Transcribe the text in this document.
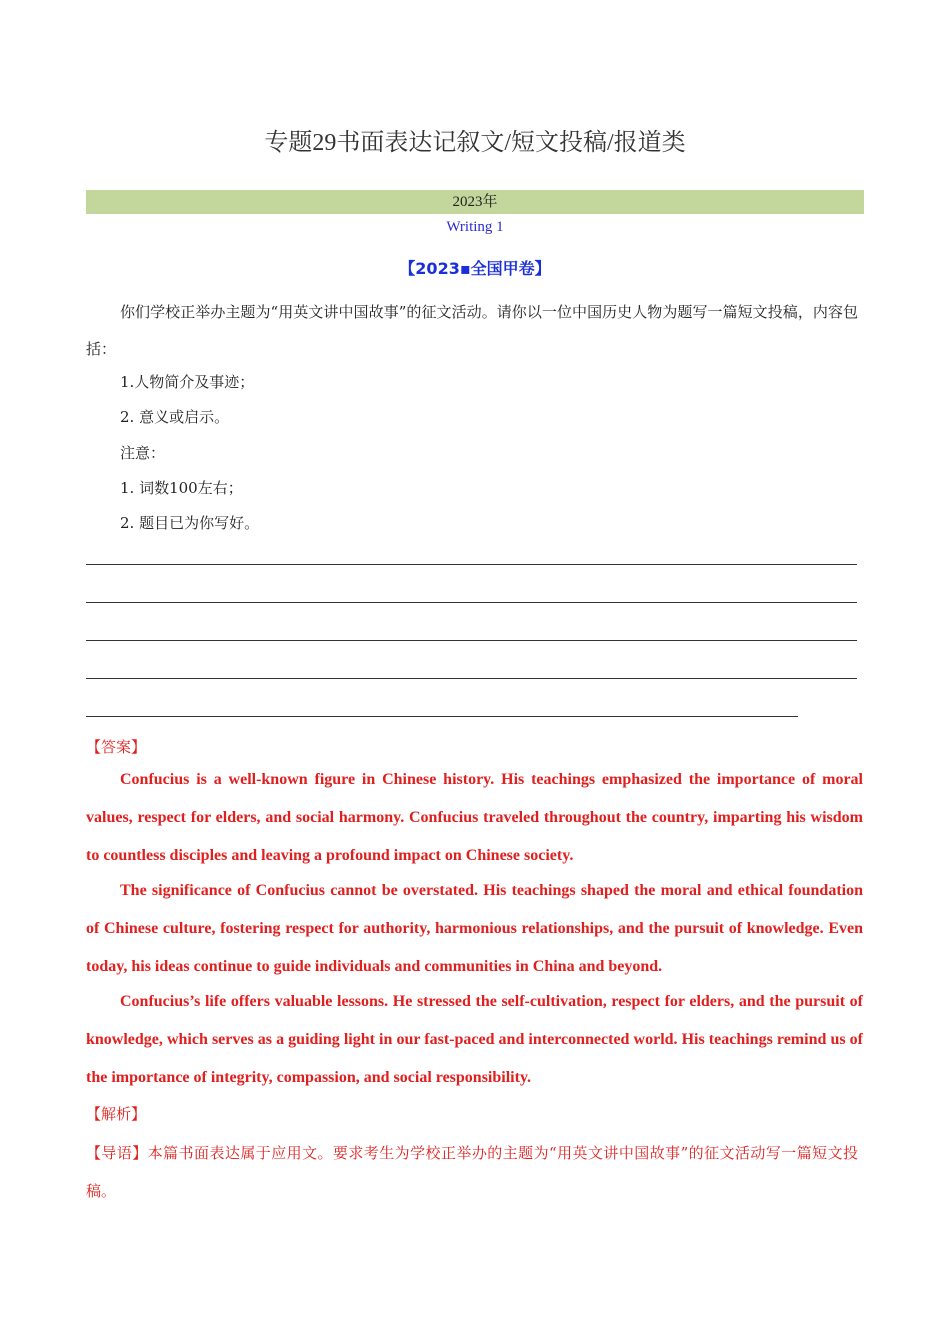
专题29书面表达记叙文/短文投稿/报道类
2023年
Writing 1
【2023▪全国甲卷】
你们学校正举办主题为“用英文讲中国故事”的征文活动。请你以一位中国历史人物为题写一篇短文投稿，内容包括：
1.人物简介及事迹；
2. 意义或启示。
注意：
1. 词数100左右；
2. 题目已为你写好。
【答案】
Confucius is a well-known figure in Chinese history. His teachings emphasized the importance of moral values, respect for elders, and social harmony. Confucius traveled throughout the country, imparting his wisdom to countless disciples and leaving a profound impact on Chinese society.
The significance of Confucius cannot be overstated. His teachings shaped the moral and ethical foundation of Chinese culture, fostering respect for authority, harmonious relationships, and the pursuit of knowledge. Even today, his ideas continue to guide individuals and communities in China and beyond.
Confucius’s life offers valuable lessons. He stressed the self-cultivation, respect for elders, and the pursuit of knowledge, which serves as a guiding light in our fast-paced and interconnected world. His teachings remind us of the importance of integrity, compassion, and social responsibility.
【解析】
【导语】本篇书面表达属于应用文。要求考生为学校正举办的主题为“用英文讲中国故事”的征文活动写一篇短文投稿。
